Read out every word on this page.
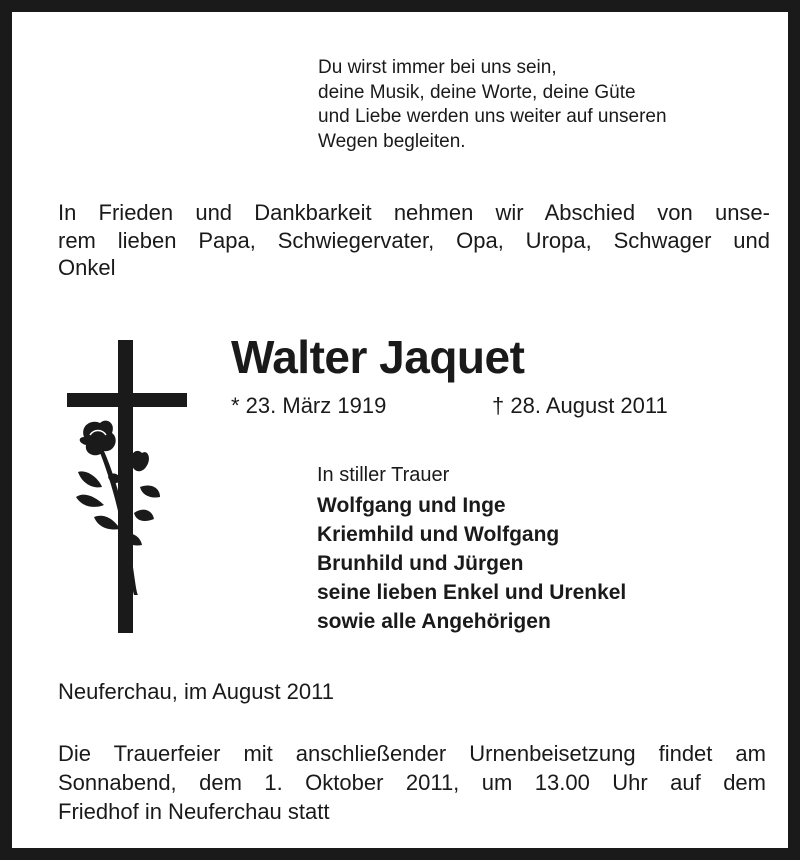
Du wirst immer bei uns sein,
deine Musik, deine Worte, deine Güte
und Liebe werden uns weiter auf unseren
Wegen begleiten.
In Frieden und Dankbarkeit nehmen wir Abschied von unse-
rem lieben Papa, Schwiegervater, Opa, Uropa, Schwager und
Onkel
Walter Jaquet
* 23. März 1919	† 28. August 2011
In stiller Trauer
Wolfgang und Inge
Kriemhild und Wolfgang
Brunhild und Jürgen
seine lieben Enkel und Urenkel
sowie alle Angehörigen
Neuferchau, im August 2011
Die Trauerfeier mit anschließender Urnenbeisetzung findet am
Sonnabend, dem 1. Oktober 2011, um 13.00 Uhr auf dem
Friedhof in Neuferchau statt
